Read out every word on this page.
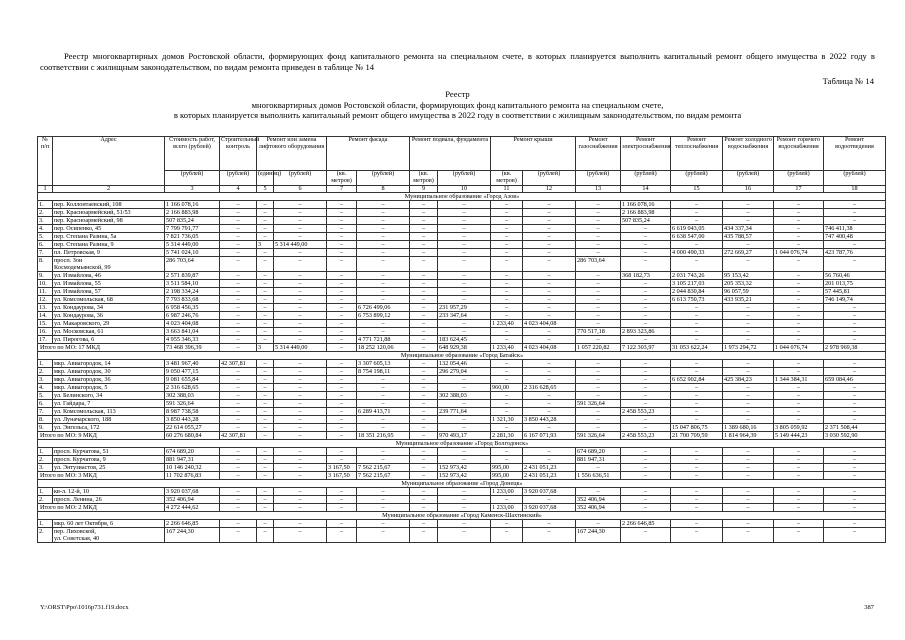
Реестр многоквартирных домов Ростовской области, формирующих фонд капитального ремонта на специальном счете, в которых планируется выполнить капитальный ремонт общего имущества в 2022 году в соответствии с жилищным законодательством, по видам ремонта приведен в таблице № 14

Таблица № 14
Реестр
многоквартирных домов Ростовской области, формирующих фонд капитального ремонта на специальном счете,
в которых планируется выполнить капитальный ремонт общего имущества в 2022 году в соответствии с жилищным законодательством, по видам ремонта
№ п/п	Адрес	Стоимость работ, всего (рублей)	Строительный контроль	Ремонт или замена лифтового оборудования		Ремонт фасада		Ремонт подвала, фундамента		Ремонт крыши		Ремонт газоснабжения	Ремонт электроснабжения	Ремонт теплоснабжения	Ремонт холодного водоснабжения	Ремонт горячего водоснабжения	Ремонт водоотведения
		(рублей)	(рублей)	(единиц)	(рублей)	(кв. метров)	(рублей)	(кв. метров)	(рублей)	(кв. метров)	(рублей)	(рублей)	(рублей)	(рублей)	(рублей)	(рублей)	(рублей)
1	2	3	4	5	6	7	8	9	10	11	12	13	14	15	16	17	18
Муниципальное образование «Город Азов»																	
1.	пер. Коллонтаевский, 108	1 166 078,16	–	–	–	–	–	–	–	–	–	–	1 166 078,16	–	–	–	–
2.	пер. Красноармейский, 51/53	2 166 883,98	–	–	–	–	–	–	–	–	–	–	2 166 883,98	–	–	–	–
3.	пер. Красноармейский, 98	507 835,24	–	–	–	–	–	–	–	–	–	–	507 835,24	–	–	–	–
4.	пер. Осипенко, 45	7 799 791,77	–	–	–	–	–	–	–	–	–	–	–	6 619 043,05	434 337,34	–	746 411,38
5.	пер. Степана Разина, 5а	7 821 736,05	–	–	–	–	–	–	–	–	–	–	–	6 638 547,00	435 788,57	–	747 400,48
6.	пер. Степана Разина, 9	5 314 449,00	–	3	5 314 449,00	–	–	–	–	–	–	–	–	–	–	–	–
7.	пл. Петровская, 9	5 741 024,10	–	–	–	–	–	–	–	–	–	–	–	4 000 490,33	272 669,27	1 044 076,74	423 787,76
8.	просп. Зои
Космодемьянской, 99	286 703,64	–	–	–	–	–	–	–	–	–	286 703,64	–	–	–	–	–
9.	ул. Измайлова, 46	2 571 839,87	–	–	–	–	–	–	–	–	–	–	368 182,73	2 031 743,26	95 153,42	–	56 760,46
10.	ул. Измайлова, 55	3 511 584,10	–	–	–	–	–	–	–	–	–	–	–	3 105 217,03	205 353,32	–	201 013,75
11.	ул. Измайлова, 57	2 198 334,24	–	–	–	–	–	–	–	–	–	–	–	2 044 830,84	96 057,59	–	57 445,81
12.	ул. Комсомольская, 68	7 793 833,68	–	–	–	–	–	–	–	–	–	–	–	6 613 750,73	433 935,21	–	746 149,74
13.	ул. Кондаурова, 34	6 958 456,35	–	–	–	–	6 726 499,06	–	231 957,29	–	–	–	–	–	–	–	–
14.	ул. Кондаурова, 36	6 987 246,76	–	–	–	–	6 753 899,12	–	233 347,64	–	–	–	–	–	–	–	–
15.	ул. Макаровского, 29	4 023 404,08	–	–	–	–	–	–	–	1 233,40	4 023 404,08	–	–	–	–	–	–
16.	ул. Московская, 61	3 663 841,04	–	–	–	–	–	–	–	–	–	770 517,18	2 893 323,86	–	–	–	–
17.	ул. Пирогова, 6	4 955 346,33	–	–	–	–	4 771 721,88	–	183 624,45	–	–	–	–	–	–	–	–
Итого по МО: 17 МКД		73 468 396,39	–	3	5 314 449,00	–	18 252 120,06	–	648 929,38	1 233,40	4 023 404,08	1 057 220,82	7 122 303,97	31 053 622,24	1 973 294,72	1 044 076,74	2 978 969,38
Муниципальное образование «Город Батайск»																	
1.	мкр. Авиагородок, 14	3 481 967,40	42 307,81	–	–	–	3 307 605,13	–	132 054,46	–	–	–	–	–	–	–	–
2.	мкр. Авиагородок, 30	9 050 477,15	–	–	–	–	8 754 198,11	–	296 279,04	–	–	–	–	–	–	–	–
3.	мкр. Авиагородок, 36	9 081 655,84	–	–	–	–	–	–	–	–	–	–	–	6 652 902,84	425 384,23	1 344 384,31	659 084,46
4.	мкр. Авиагородок, 5	2 316 628,65	–	–	–	–	–	–	–	960,00	2 316 628,65	–	–	–	–	–	–
5.	ул. Белинского, 34	302 388,03	–	–	–	–	–	–	302 388,03	–	–	–	–	–	–	–	–
6.	ул. Гайдара, 7	591 326,64	–	–	–	–	–	–	–	–	–	591 326,64	–	–	–	–	–
7.	ул. Комсомольская, 113	8 987 738,58	–	–	–	–	6 289 413,71	–	239 771,64	–	–	–	2 458 553,23	–	–	–	–
8.	ул. Луначарского, 188	3 850 443,28	–	–	–	–	–	–	–	1 321,30	3 850 443,28	–	–	–	–	–	–
9.	ул. Энгельса, 172	22 614 055,27	–	–	–	–	–	–	–	–	–	–	–	15 047 806,75	1 389 680,16	3 805 059,92	2 371 508,44
Итого по МО: 9 МКД		60 276 680,84	42 307,81	–	–	–	18 351 216,95	–	970 493,17	2 281,30	6 167 071,93	591 326,64	2 458 553,23	21 700 709,59	1 814 964,39	5 149 444,23	3 030 592,90
Муниципальное образование «Город Волгодонск»																	
1.	просп. Курчатова, 51	674 689,20	–	–	–	–	–	–	–	–	–	674 689,20	–	–	–	–	–
2.	просп. Курчатова, 9	881 947,31	–	–	–	–	–	–	–	–	–	881 947,31	–	–	–	–	–
3.	ул. Энтузиастов, 25	10 146 240,32	–	–	–	3 167,50	7 562 215,67	–	152 973,42	995,00	2 431 051,23	–	–	–	–	–	–
Итого по МО: 3 МКД		11 702 876,83	–	–	–	3 167,50	7 562 215,67	–	152 973,42	995,00	2 431 051,23	1 556 636,51	–	–	–	–	–
Муниципальное образование «Город Донецк»																	
1.	кв-л. 12-й, 10	3 920 037,68	–	–	–	–	–	–	–	1 233,00	3 920 037,68	–	–	–	–	–	–
2.	просп. Ленина, 26	352 406,94	–	–	–	–	–	–	–	–	–	352 406,94	–	–	–	–	–
Итого по МО: 2 МКД		4 272 444,62	–	–	–	–	–	–	–	1 233,00	3 920 037,68	352 406,94	–	–	–	–	–
Муниципальное образование «Город Каменск-Шахтинский»																	
1.	мкр. 60 лет Октября, 6	2 266 646,85	–	–	–	–	–	–	–	–	–	–	2 266 646,85	–	–	–	–
2.	пер. Лиховской,
ул. Советская, 40	167 244,30	–	–	–	–	–	–	–	–	–	167 244,30	–	–	–	–	–
Y:\ORST\Ppo\1016p731.f19.docx	387
